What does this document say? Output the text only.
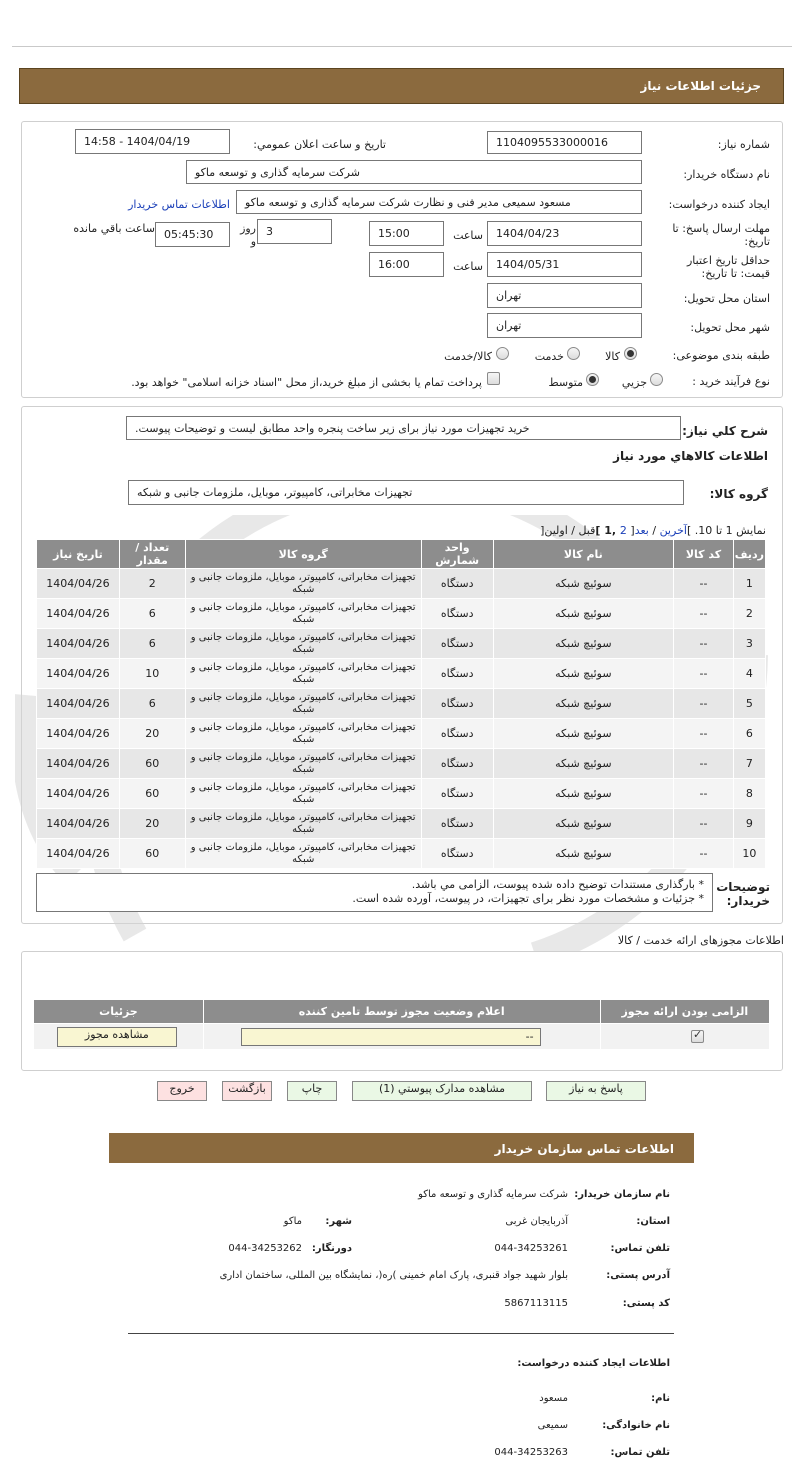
جزئيات اطلاعات نياز
شماره نياز:
1104095533000016
تاريخ و ساعت اعلان عمومي:
1404/04/19 - 14:58
نام دستگاه خريدار:
شرکت سرمايه گذاری و توسعه ماکو
ايجاد کننده درخواست:
مسعود سميعی مدير فنی و نظارت شرکت سرمايه گذاری و توسعه ماکو
اطلاعات تماس خريدار
مهلت ارسال پاسخ: تا تاريخ:
1404/04/23
ساعت
15:00
3
روز و
05:45:30
ساعت باقي مانده
حداقل تاريخ اعتبار قيمت: تا تاريخ:
1404/05/31
ساعت
16:00
استان محل تحويل:
تهران
شهر محل تحويل:
تهران
طبقه بندی موضوعی:
کالا
خدمت
کالا/خدمت
نوع فرآيند خريد :
جزيي
متوسط
پرداخت تمام يا بخشی از مبلغ خريد،از محل "اسناد خزانه اسلامی" خواهد بود.
شرح کلي نياز:
خريد تجهيزات مورد نياز برای زير ساخت پنجره واحد مطابق ليست و توضيحات پيوست.
اطلاعات کالاهاي مورد نياز
گروه کالا:
تجهيزات مخابراتی، کامپيوتر، موبايل، ملزومات جانبی و شبکه
نمايش 1 تا 10. ]آخرين / بعد[ 2 ,1 ]قبل / اولين[
رديف	کد کالا	نام کالا	واحد شمارش	گروه کالا	تعداد / مقدار	تاريخ نياز
1	--	سوئيچ شبکه	دستگاه	تجهيزات مخابراتی، کامپيوتر، موبايل، ملزومات جانبی و شبکه	2	1404/04/26
2	--	سوئيچ شبکه	دستگاه	تجهيزات مخابراتی، کامپيوتر، موبايل، ملزومات جانبی و شبکه	6	1404/04/26
3	--	سوئيچ شبکه	دستگاه	تجهيزات مخابراتی، کامپيوتر، موبايل، ملزومات جانبی و شبکه	6	1404/04/26
4	--	سوئيچ شبکه	دستگاه	تجهيزات مخابراتی، کامپيوتر، موبايل، ملزومات جانبی و شبکه	10	1404/04/26
5	--	سوئيچ شبکه	دستگاه	تجهيزات مخابراتی، کامپيوتر، موبايل، ملزومات جانبی و شبکه	6	1404/04/26
6	--	سوئيچ شبکه	دستگاه	تجهيزات مخابراتی، کامپيوتر، موبايل، ملزومات جانبی و شبکه	20	1404/04/26
7	--	سوئيچ شبکه	دستگاه	تجهيزات مخابراتی، کامپيوتر، موبايل، ملزومات جانبی و شبکه	60	1404/04/26
8	--	سوئيچ شبکه	دستگاه	تجهيزات مخابراتی، کامپيوتر، موبايل، ملزومات جانبی و شبکه	60	1404/04/26
9	--	سوئيچ شبکه	دستگاه	تجهيزات مخابراتی، کامپيوتر، موبايل، ملزومات جانبی و شبکه	20	1404/04/26
10	--	سوئيچ شبکه	دستگاه	تجهيزات مخابراتی، کامپيوتر، موبايل، ملزومات جانبی و شبکه	60	1404/04/26
توضيحات خريدار:
* بارگذاری مستندات توضيح داده شده پيوست، الزامی مي باشد.
* جزئيات و مشخصات مورد نظر برای تجهيزات، در پيوست، آورده شده است.
اطلاعات مجوزهای ارائه خدمت / کالا
الزامی بودن ارائه مجوز	اعلام وضعيت مجوز توسط تامين کننده	جزئيات

✓	--	مشاهده مجوز
پاسخ به نياز
مشاهده مدارک پيوستي (1)
چاپ
بازگشت
خروج
اطلاعات تماس سازمان خريدار
نام سازمان خريدار:
شرکت سرمايه گذاری و توسعه ماکو
استان:
آذربايجان غربی
شهر:
ماکو
تلفن تماس:
044-34253261
دورنگار:
044-34253262
آدرس پستی:
بلوار شهيد جواد قنبری، پارک امام خمينی )ره(، نمايشگاه بين المللی، ساختمان اداری
کد پستی:
5867113115
اطلاعات ايجاد کننده درخواست:
نام:
مسعود
نام خانوادگی:
سميعی
تلفن تماس:
044-34253263
